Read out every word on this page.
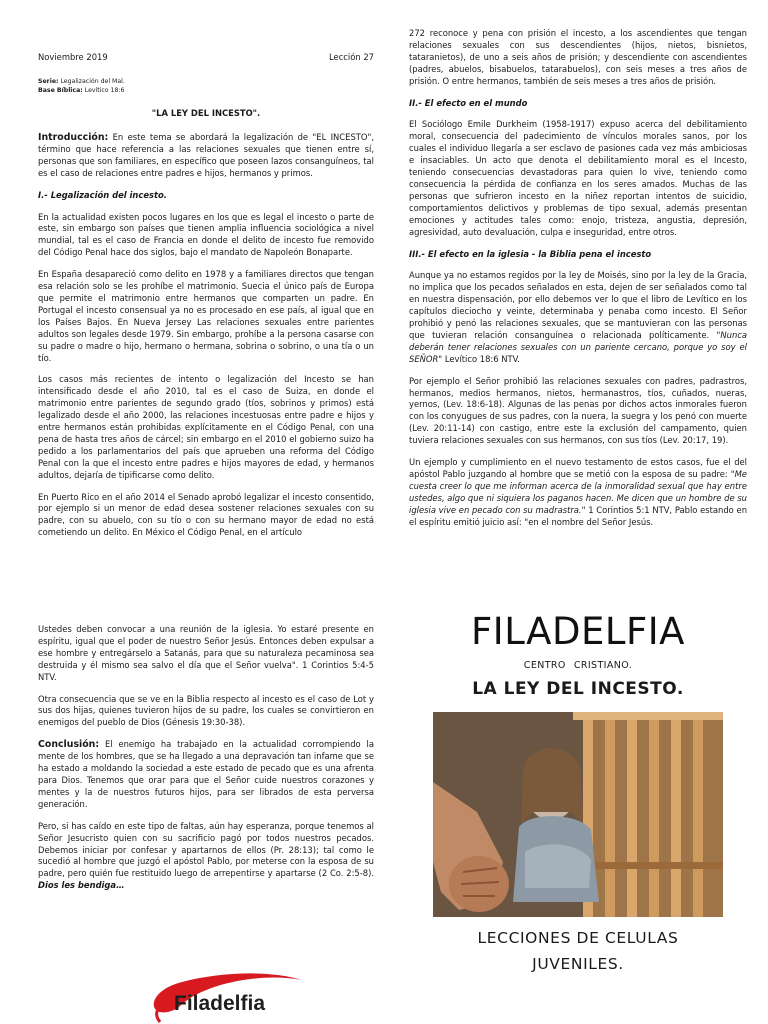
Noviembre 2019	Lección 27
Serie: Legalización del Mal.
Base Bíblica: Levítico 18:6
"LA LEY DEL INCESTO".

Introducción: En este tema se abordará la legalización de "EL INCESTO", término que hace referencia a las relaciones sexuales que tienen entre sí, personas que son familiares, en específico que poseen lazos consanguíneos, tal es el caso de relaciones entre padres e hijos, hermanos y primos.

I.- Legalización del incesto.

En la actualidad existen pocos lugares en los que es legal el incesto o parte de este, sin embargo son países que tienen amplia influencia sociológica a nivel mundial, tal es el caso de Francia en donde el delito de incesto fue removido del Código Penal hace dos siglos, bajo el mandato de Napoleón Bonaparte.

En España desapareció como delito en 1978 y a familiares directos que tengan esa relación solo se les prohíbe el matrimonio. Suecia el único país de Europa que permite el matrimonio entre hermanos que comparten un padre. En Portugal el incesto consensual ya no es procesado en ese país, al igual que en los Países Bajos. En Nueva Jersey Las relaciones sexuales entre parientes adultos son legales desde 1979. Sin embargo, prohíbe a la persona casarse con su padre o madre o hijo, hermano o hermana, sobrina o sobrino, o una tía o un tío.

Los casos más recientes de intento o legalización del Incesto se han intensificado desde el año 2010, tal es el caso de Suiza, en donde el matrimonio entre parientes de segundo grado (tíos, sobrinos y primos) está legalizado desde el año 2000, las relaciones incestuosas entre padre e hijos y entre hermanos están prohibidas explícitamente en el Código Penal, con una pena de hasta tres años de cárcel; sin embargo en el 2010 el gobierno suizo ha pedido a los parlamentarios del país que aprueben una reforma del Código Penal con la que el incesto entre padres e hijos mayores de edad, y hermanos adultos, dejaría de tipificarse como delito.

En Puerto Rico en el año 2014 el Senado aprobó legalizar el incesto consentido, por ejemplo si un menor de edad desea sostener relaciones sexuales con su padre, con su abuelo, con su tío o con su hermano mayor de edad no está cometiendo un delito. En México el Código Penal, en el artículo

272 reconoce y pena con prisión el incesto, a los ascendientes que tengan relaciones sexuales con sus descendientes (hijos, nietos, bisnietos, tataranietos), de uno a seis años de prisión; y descendiente con ascendientes (padres, abuelos, bisabuelos, tatarabuelos), con seis meses a tres años de prisión. O entre hermanos, también de seis meses a tres años de prisión.

II.- El efecto en el mundo

El Sociólogo Emile Durkheim (1958-1917) expuso acerca del debilitamiento moral, consecuencia del padecimiento de vínculos morales sanos, por los cuales el individuo llegaría a ser esclavo de pasiones cada vez más ambiciosas e insaciables. Un acto que denota el debilitamiento moral es el Incesto, teniendo consecuencias devastadoras para quien lo vive, teniendo como consecuencia la pérdida de confianza en los seres amados. Muchas de las personas que sufrieron incesto en la niñez reportan intentos de suicidio, comportamientos delictivos y problemas de tipo sexual, además presentan emociones y actitudes tales como: enojo, tristeza, angustia, depresión, agresividad, auto devaluación, culpa e inseguridad, entre otros.

III.- El efecto en la iglesia - la Biblia pena el incesto

Aunque ya no estamos regidos por la ley de Moisés, sino por la ley de la Gracia, no implica que los pecados señalados en esta, dejen de ser señalados como tal en nuestra dispensación, por ello debemos ver lo que el libro de Levítico en los capítulos dieciocho y veinte, determinaba y penaba como incesto. El Señor prohibió y penó las relaciones sexuales, que se mantuvieran con las personas que tuvieran relación consanguínea o relacionada políticamente. "Nunca deberán tener relaciones sexuales con un pariente cercano, porque yo soy el SEÑOR" Levítico 18:6 NTV.

Por ejemplo el Señor prohibió las relaciones sexuales con padres, padrastros, hermanos, medios hermanos, nietos, hermanastros, tíos, cuñados, nueras, yernos, (Lev. 18:6-18). Algunas de las penas por dichos actos inmorales fueron con los conyugues de sus padres, con la nuera, la suegra y los penó con muerte (Lev. 20:11-14) con castigo, entre este la exclusión del campamento, quien tuviera relaciones sexuales con sus hermanos, con sus tíos (Lev. 20:17, 19).

Un ejemplo y cumplimiento en el nuevo testamento de estos casos, fue el del apóstol Pablo juzgando al hombre que se metió con la esposa de su padre: "Me cuesta creer lo que me informan acerca de la inmoralidad sexual que hay entre ustedes, algo que ni siquiera los paganos hacen. Me dicen que un hombre de su iglesia vive en pecado con su madrastra." 1 Corintios 5:1 NTV, Pablo estando en el espíritu emitió juicio así: "en el nombre del Señor Jesús.

Ustedes deben convocar a una reunión de la iglesia. Yo estaré presente en espíritu, igual que el poder de nuestro Señor Jesús. Entonces deben expulsar a ese hombre y entregárselo a Satanás, para que su naturaleza pecaminosa sea destruida y él mismo sea salvo el día que el Señor vuelva". 1 Corintios 5:4-5 NTV.

Otra consecuencia que se ve en la Biblia respecto al incesto es el caso de Lot y sus dos hijas, quienes tuvieron hijos de su padre, los cuales se convirtieron en enemigos del pueblo de Dios (Génesis 19:30-38).

Conclusión: El enemigo ha trabajado en la actualidad corrompiendo la mente de los hombres, que se ha llegado a una depravación tan infame que se ha estado a moldando la sociedad a este estado de pecado que es una afrenta para Dios. Tenemos que orar para que el Señor cuide nuestros corazones y mentes y la de nuestros futuros hijos, para ser librados de esta perversa generación.

Pero, si has caído en este tipo de faltas, aún hay esperanza, porque tenemos al Señor Jesucristo quien con su sacrificio pagó por todos nuestros pecados. Debemos iniciar por confesar y apartarnos de ellos (Pr. 28:13); tal como le sucedió al hombre que juzgó el apóstol Pablo, por meterse con la esposa de su padre, pero quién fue restituido luego de arrepentirse y apartarse (2 Co. 2:5-8). Dios les bendiga…

Filadelfia
FILADELFIA
CENTRO CRISTIANO.
LA LEY DEL INCESTO.
LECCIONES DE CELULAS
JUVENILES.
